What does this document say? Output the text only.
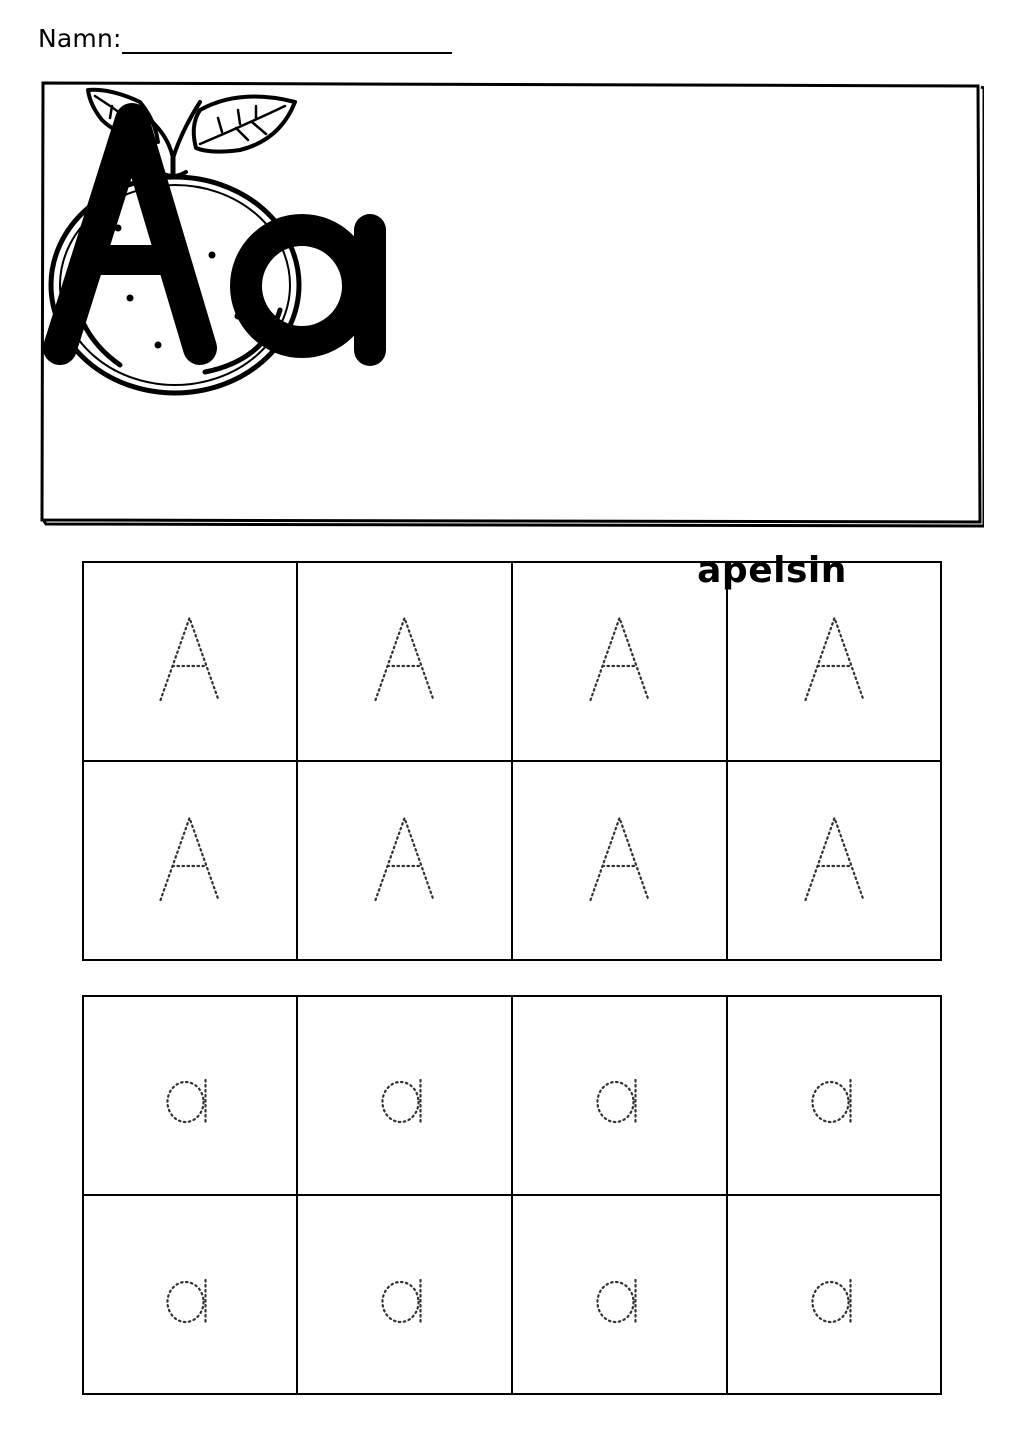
Namn:
apelsin
